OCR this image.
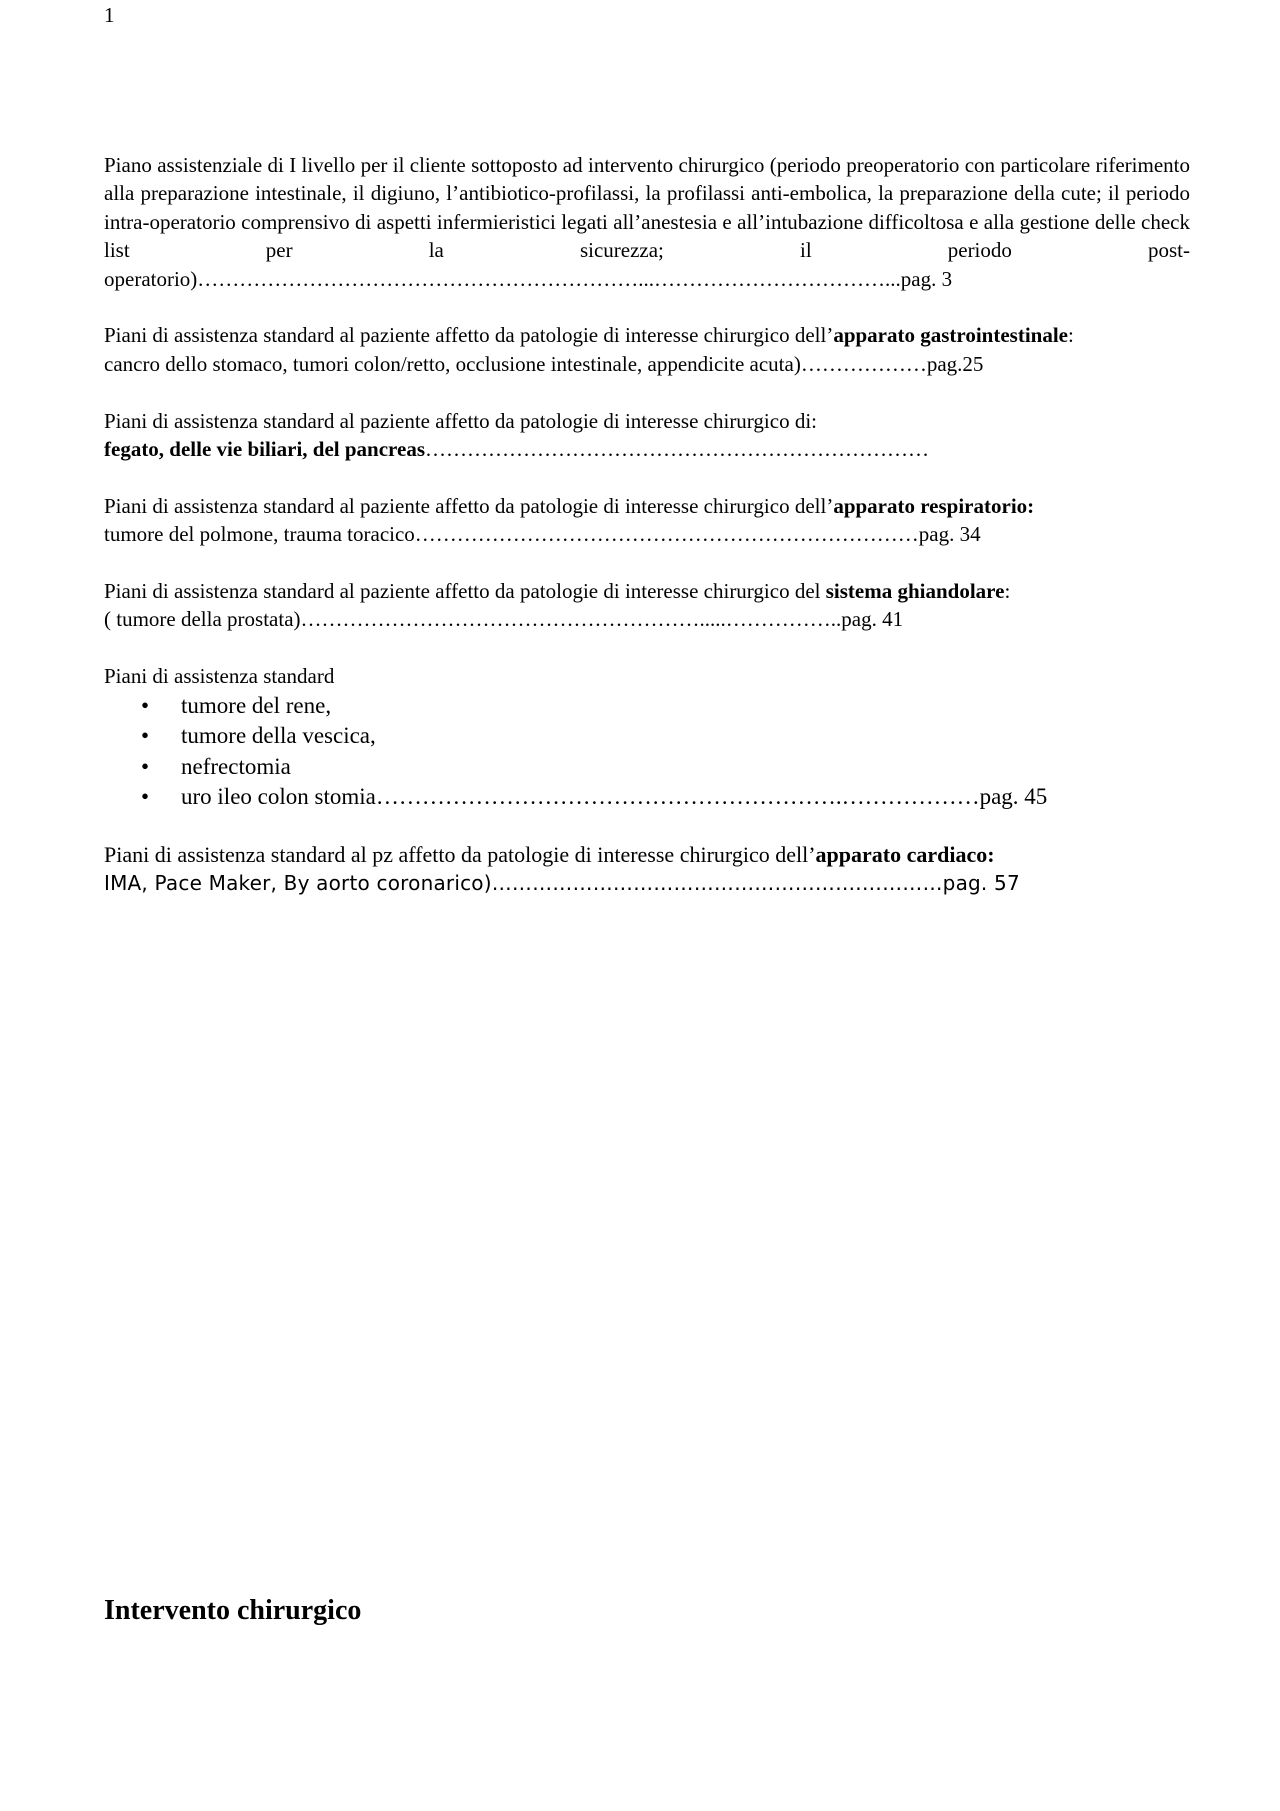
1

Piano assistenziale di I livello per il cliente sottoposto ad intervento chirurgico (periodo preoperatorio con particolare riferimento alla preparazione intestinale, il digiuno, l’antibiotico-profilassi, la profilassi anti-embolica, la preparazione della cute; il periodo intra-operatorio comprensivo di aspetti infermieristici legati all’anestesia e all’intubazione difficoltosa e alla gestione delle check list per la sicurezza; il periodo post-operatorio)………………………………………………………...……………………………...pag. 3

Piani di assistenza standard al paziente affetto da patologie di interesse chirurgico dell’apparato gastrointestinale:

cancro dello stomaco, tumori colon/retto, occlusione intestinale, appendicite acuta)………………pag.25

Piani di assistenza standard al paziente affetto da patologie di interesse chirurgico di:

fegato, delle vie biliari, del pancreas………………………………………………………………

Piani di assistenza standard al paziente affetto da patologie di interesse chirurgico dell’apparato respiratorio:

tumore del polmone, trauma toracico………………………………………………………………pag. 34

Piani di assistenza standard al paziente affetto da patologie di interesse chirurgico del sistema ghiandolare:

( tumore della prostata)………………………………………………….....……………..pag. 41

Piani di assistenza standard

• tumore del rene,
• tumore della vescica,
• nefrectomia
• uro ileo colon stomia…………………………………………………….………………pag. 45

Piani di assistenza standard al pz affetto da patologie di interesse chirurgico dell’apparato cardiaco:

IMA, Pace Maker, By aorto coronarico)……………………………………………….…………pag. 57

Intervento chirurgico
